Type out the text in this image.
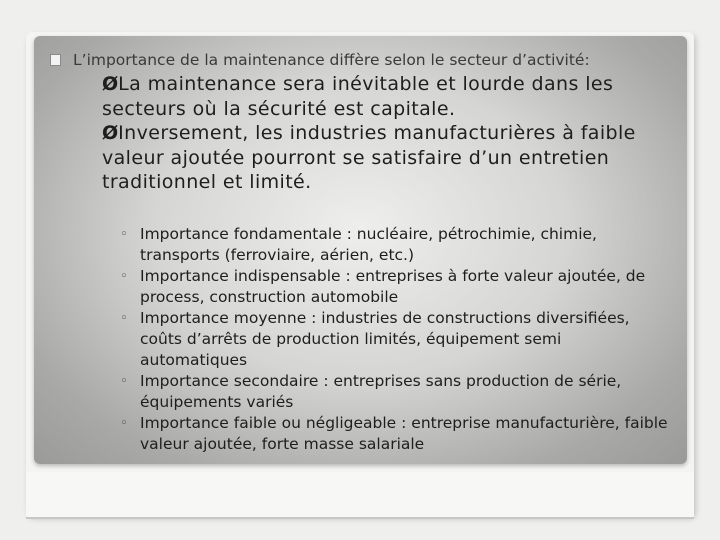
L’importance de la maintenance diffère selon le secteur d’activité:

ØLa maintenance sera inévitable et lourde dans les secteurs où la sécurité est capitale.

ØInversement, les industries manufacturières à faible valeur ajoutée pourront se satisfaire d’un entretien traditionnel et limité.

◦ Importance fondamentale : nucléaire, pétrochimie, chimie, transports (ferroviaire, aérien, etc.)
◦ Importance indispensable : entreprises à forte valeur ajoutée, de process, construction automobile
◦ Importance moyenne : industries de constructions diversifiées, coûts d’arrêts de production limités, équipement semi automatiques
◦ Importance secondaire : entreprises sans production de série, équipements variés
◦ Importance faible ou négligeable : entreprise manufacturière, faible valeur ajoutée, forte masse salariale
